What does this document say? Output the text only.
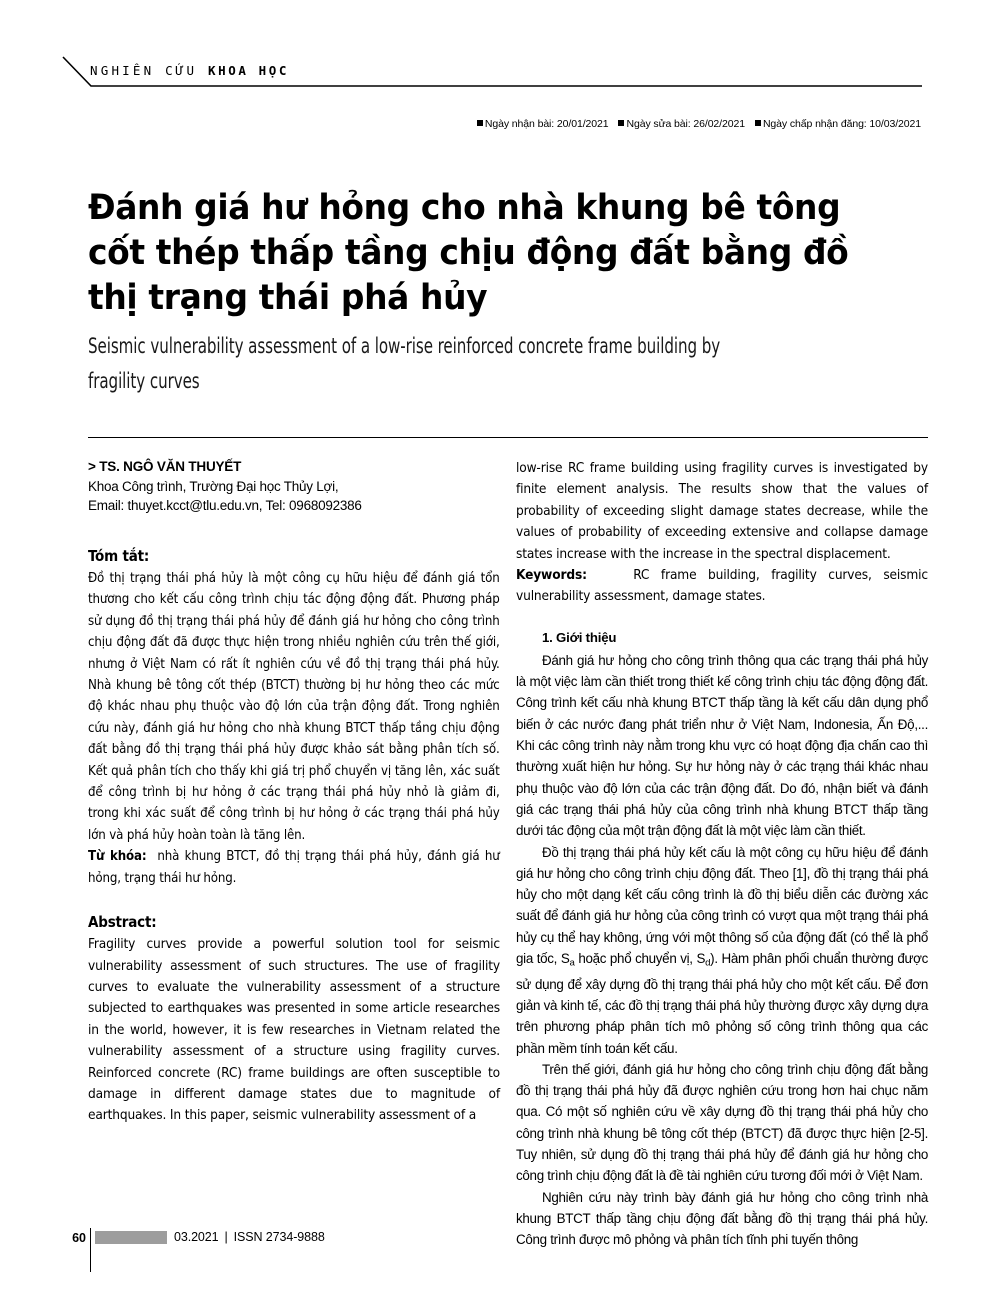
NGHIÊN CỨU KHOA HỌC
Ngày nhận bài: 20/01/2021 Ngày sửa bài: 26/02/2021 Ngày chấp nhận đăng: 10/03/2021
Đánh giá hư hỏng cho nhà khung bê tông cốt thép thấp tầng chịu động đất bằng đồ thị trạng thái phá hủy
Seismic vulnerability assessment of a low-rise reinforced concrete frame building by fragility curves
> TS. NGÔ VĂN THUYẾT
Khoa Công trình, Trường Đại học Thủy Lợi,
Email: thuyet.kcct@tlu.edu.vn, Tel: 0968092386
Tóm tắt:

Đồ thị trạng thái phá hủy là một công cụ hữu hiệu để đánh giá tổn thương cho kết cấu công trình chịu tác động động đất. Phương pháp sử dụng đồ thị trạng thái phá hủy để đánh giá hư hỏng cho công trình chịu động đất đã được thực hiện trong nhiều nghiên cứu trên thế giới, nhưng ở Việt Nam có rất ít nghiên cứu về đồ thị trạng thái phá hủy. Nhà khung bê tông cốt thép (BTCT) thường bị hư hỏng theo các mức độ khác nhau phụ thuộc vào độ lớn của trận động đất. Trong nghiên cứu này, đánh giá hư hỏng cho nhà khung BTCT thấp tầng chịu động đất bằng đồ thị trạng thái phá hủy được khảo sát bằng phân tích số. Kết quả phân tích cho thấy khi giá trị phổ chuyển vị tăng lên, xác suất để công trình bị hư hỏng ở các trạng thái phá hủy nhỏ là giảm đi, trong khi xác suất để công trình bị hư hỏng ở các trạng thái phá hủy lớn và phá hủy hoàn toàn là tăng lên.

Từ khóa: nhà khung BTCT, đồ thị trạng thái phá hủy, đánh giá hư hỏng, trạng thái hư hỏng.

Abstract:

Fragility curves provide a powerful solution tool for seismic vulnerability assessment of such structures. The use of fragility curves to evaluate the vulnerability assessment of a structure subjected to earthquakes was presented in some article researches in the world, however, it is few researches in Vietnam related the vulnerability assessment of a structure using fragility curves. Reinforced concrete (RC) frame buildings are often susceptible to damage in different damage states due to magnitude of earthquakes. In this paper, seismic vulnerability assessment of a

low-rise RC frame building using fragility curves is investigated by finite element analysis. The results show that the values of probability of exceeding slight damage states decrease, while the values of probability of exceeding extensive and collapse damage states increase with the increase in the spectral displacement.

Keywords:	RC frame building, fragility curves, seismic vulnerability assessment, damage states.

1. Giới thiệu

Đánh giá hư hỏng cho công trình thông qua các trạng thái phá hủy là một việc làm cần thiết trong thiết kế công trình chịu tác động động đất. Công trình kết cấu nhà khung BTCT thấp tầng là kết cấu dân dụng phổ biến ở các nước đang phát triển như ở Việt Nam, Indonesia, Ấn Độ,... Khi các công trình này nằm trong khu vực có hoạt động địa chấn cao thì thường xuất hiện hư hỏng. Sự hư hỏng này ở các trạng thái khác nhau phụ thuộc vào độ lớn của các trận động đất. Do đó, nhận biết và đánh giá các trạng thái phá hủy của công trình nhà khung BTCT thấp tầng dưới tác động của một trận động đất là một việc làm cần thiết.

Đồ thị trạng thái phá hủy kết cấu là một công cụ hữu hiệu để đánh giá hư hỏng cho công trình chịu động đất. Theo [1], đồ thị trạng thái phá hủy cho một dạng kết cấu công trình là đồ thị biểu diễn các đường xác suất để đánh giá hư hỏng của công trình có vượt qua một trạng thái phá hủy cụ thể hay không, ứng với một thông số của động đất (có thể là phổ gia tốc, $S_a$ hoặc phổ chuyển vị, $S_d$). Hàm phân phối chuẩn thường được sử dụng để xây dựng đồ thị trạng thái phá hủy cho một kết cấu. Để đơn giản và kinh tế, các đồ thị trạng thái phá hủy thường được xây dựng dựa trên phương pháp phân tích mô phỏng số công trình thông qua các phần mềm tính toán kết cấu.

Trên thế giới, đánh giá hư hỏng cho công trình chịu động đất bằng đồ thị trạng thái phá hủy đã được nghiên cứu trong hơn hai chục năm qua. Có một số nghiên cứu về xây dựng đồ thị trạng thái phá hủy cho công trình nhà khung bê tông cốt thép (BTCT) đã được thực hiện [2-5]. Tuy nhiên, sử dụng đồ thị trạng thái phá hủy để đánh giá hư hỏng cho công trình chịu động đất là đề tài nghiên cứu tương đối mới ở Việt Nam.

Nghiên cứu này trình bày đánh giá hư hỏng cho công trình nhà khung BTCT thấp tầng chịu động đất bằng đồ thị trạng thái phá hủy. Công trình được mô phỏng và phân tích tĩnh phi tuyến thông

60
	03.2021 | ISSN 2734-9888
